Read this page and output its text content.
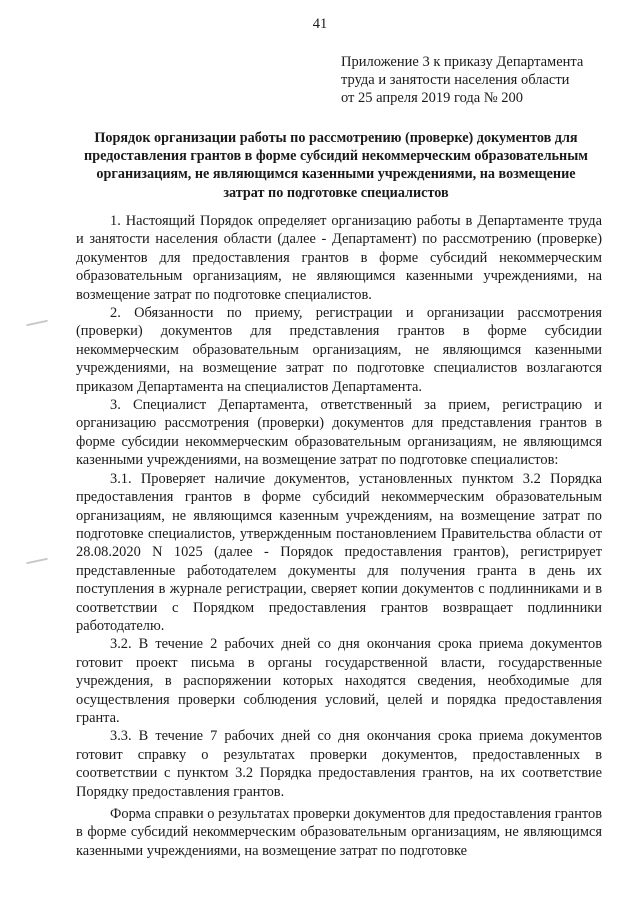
41
Приложение 3 к приказу Департамента
труда и занятости населения области
от 25 апреля 2019 года № 200
Порядок организации работы по рассмотрению (проверке) документов для предоставления грантов в форме субсидий некоммерческим образовательным организациям, не являющимся казенными учреждениями, на возмещение затрат по подготовке специалистов

1. Настоящий Порядок определяет организацию работы в Департаменте труда и занятости населения области (далее - Департамент) по рассмотрению (проверке) документов для предоставления грантов в форме субсидий некоммерческим образовательным организациям, не являющимся казенными учреждениями, на возмещение затрат по подготовке специалистов.

2. Обязанности по приему, регистрации и организации рассмотрения (проверки) документов для представления грантов в форме субсидии некоммерческим образовательным организациям, не являющимся казенными учреждениями, на возмещение затрат по подготовке специалистов возлагаются приказом Департамента на специалистов Департамента.

3. Специалист Департамента, ответственный за прием, регистрацию и организацию рассмотрения (проверки) документов для представления грантов в форме субсидии некоммерческим образовательным организациям, не являющимся казенными учреждениями, на возмещение затрат по подготовке специалистов:

3.1. Проверяет наличие документов, установленных пунктом 3.2 Порядка предоставления грантов в форме субсидий некоммерческим образовательным организациям, не являющимся казенным учреждениям, на возмещение затрат по подготовке специалистов, утвержденным постановлением Правительства области от 28.08.2020 N 1025 (далее - Порядок предоставления грантов), регистрирует представленные работодателем документы для получения гранта в день их поступления в журнале регистрации, сверяет копии документов с подлинниками и в соответствии с Порядком предоставления грантов возвращает подлинники работодателю.

3.2. В течение 2 рабочих дней со дня окончания срока приема документов готовит проект письма в органы государственной власти, государственные учреждения, в распоряжении которых находятся сведения, необходимые для осуществления проверки соблюдения условий, целей и порядка предоставления гранта.

3.3. В течение 7 рабочих дней со дня окончания срока приема документов готовит справку о результатах проверки документов, предоставленных в соответствии с пунктом 3.2 Порядка предоставления грантов, на их соответствие Порядку предоставления грантов.

Форма справки о результатах проверки документов для предоставления грантов в форме субсидий некоммерческим образовательным организациям, не являющимся казенными учреждениями, на возмещение затрат по подготовке
